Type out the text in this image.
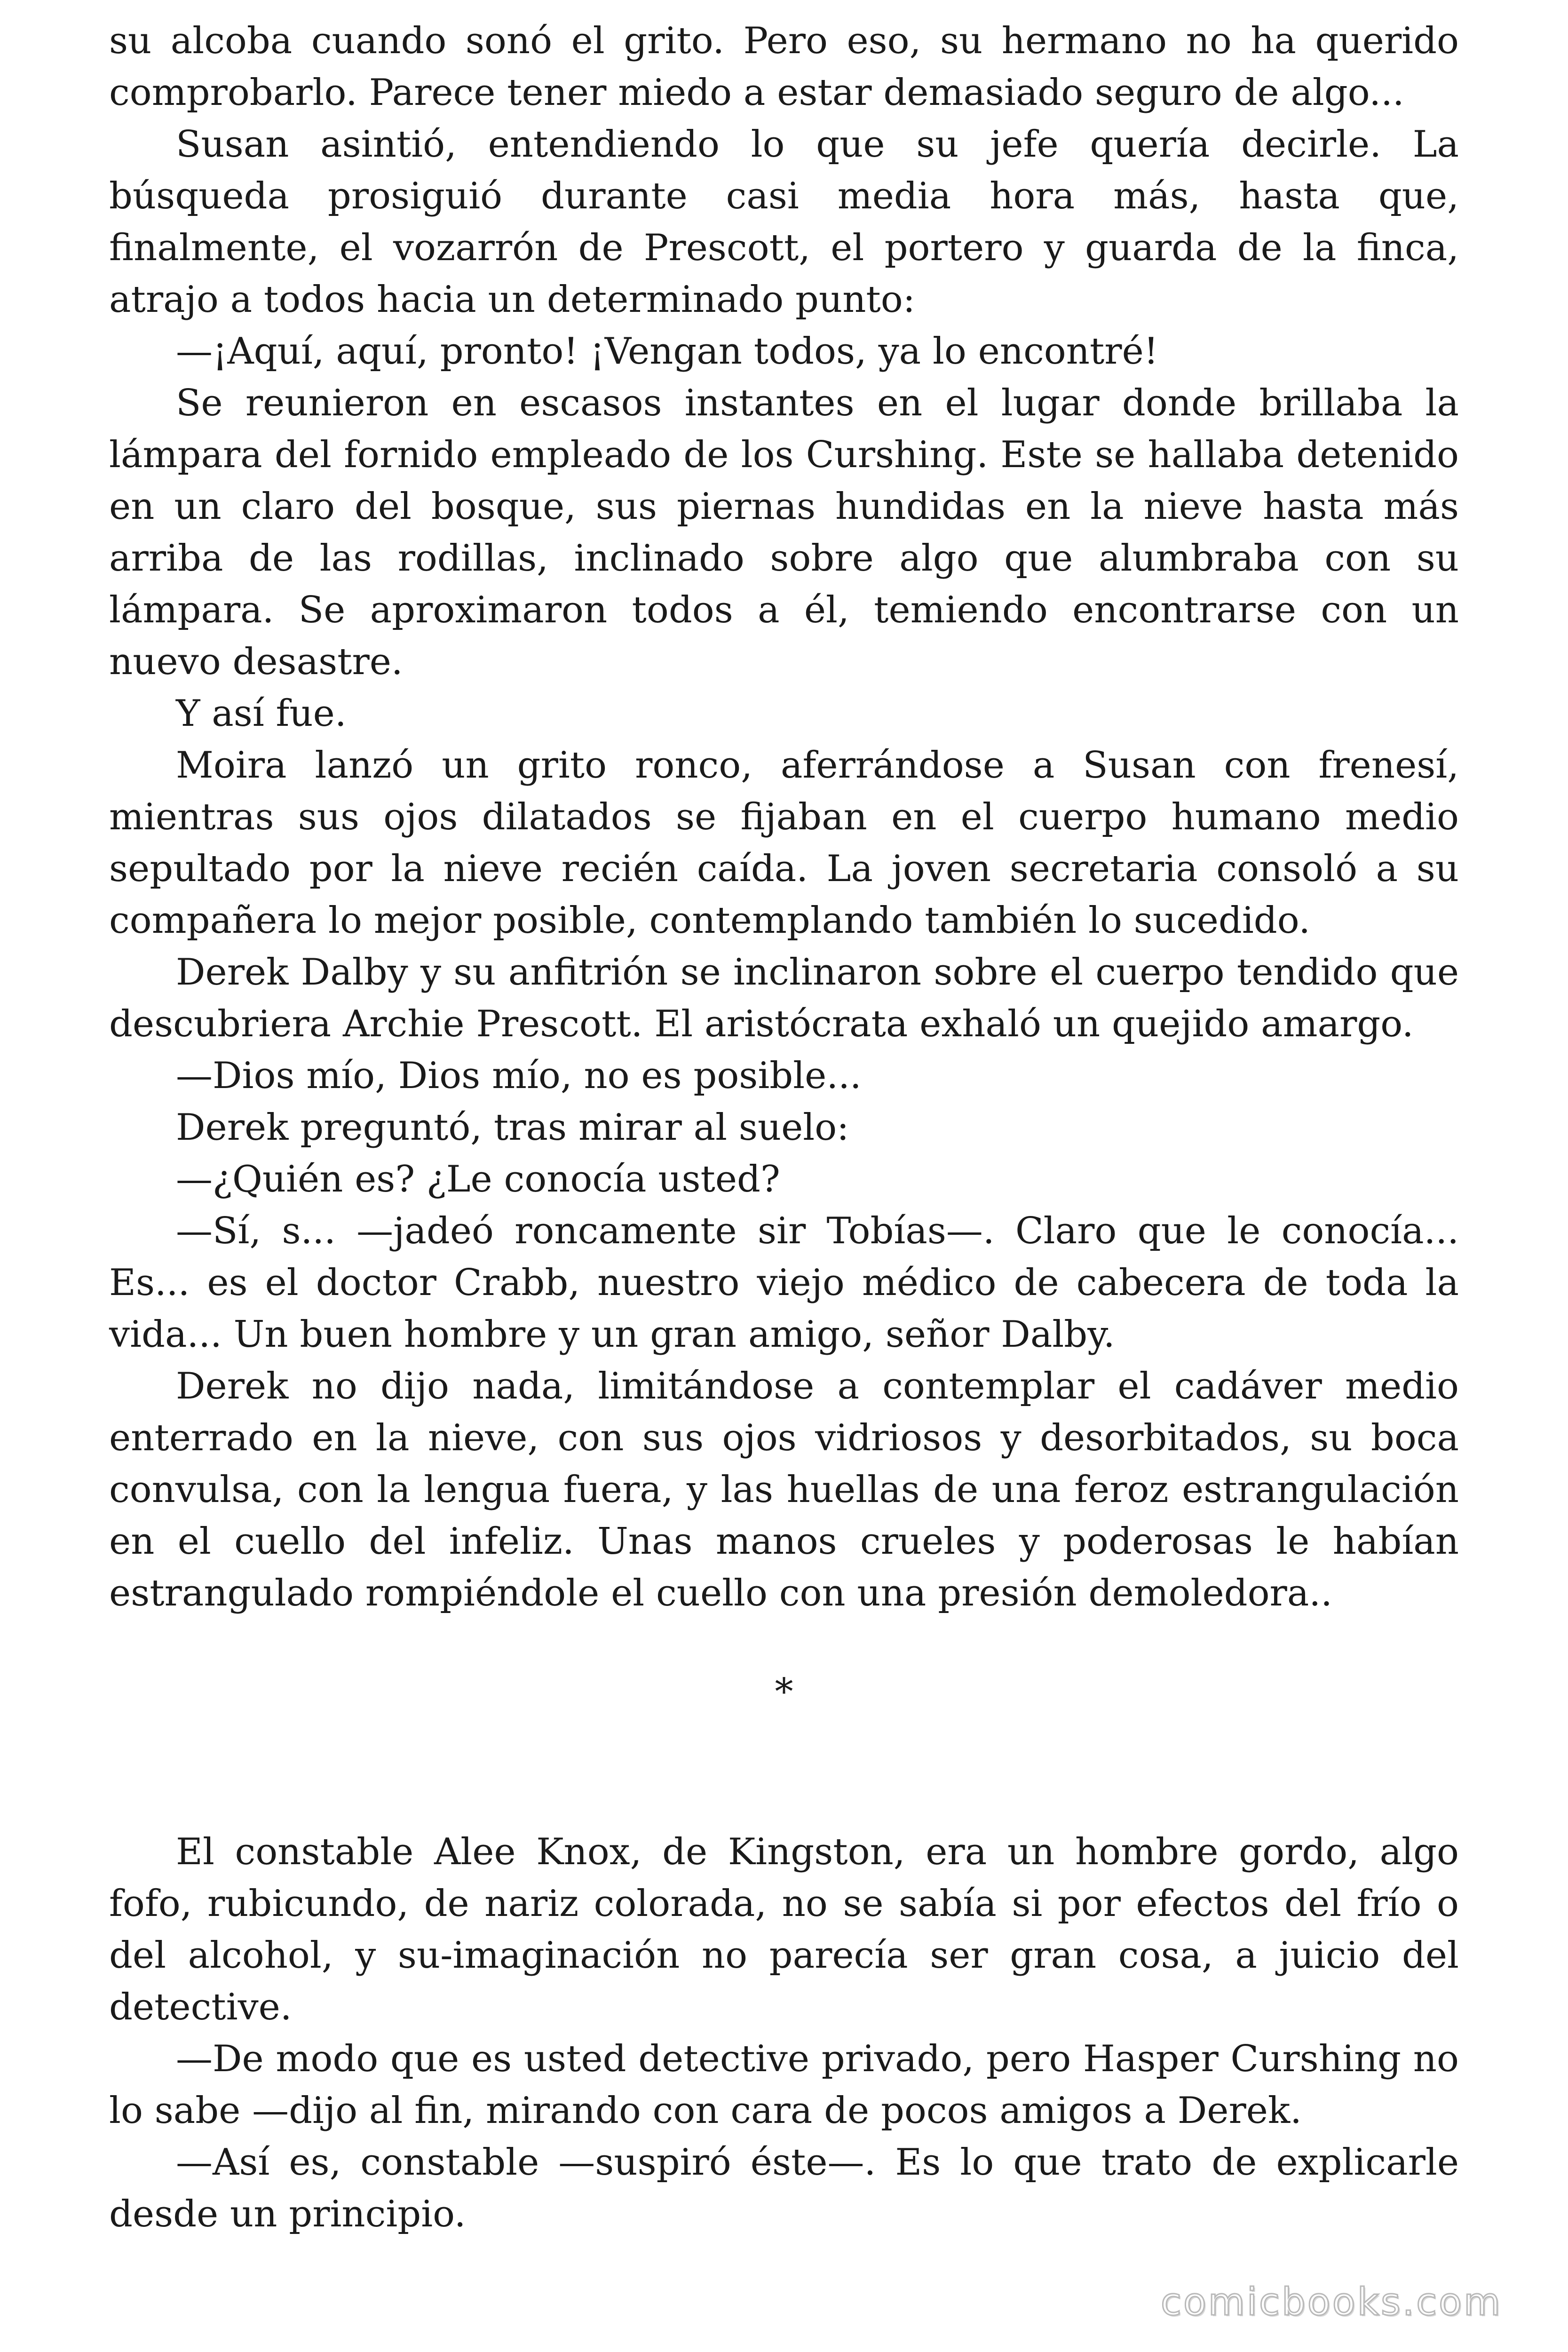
su alcoba cuando sonó el grito. Pero eso, su hermano no ha querido comprobarlo. Parece tener miedo a estar demasiado seguro de algo...

Susan asintió, entendiendo lo que su jefe quería decirle. La búsqueda prosiguió durante casi media hora más, hasta que, finalmente, el vozarrón de Prescott, el portero y guarda de la finca, atrajo a todos hacia un determinado punto:

—¡Aquí, aquí, pronto! ¡Vengan todos, ya lo encontré!

Se reunieron en escasos instantes en el lugar donde brillaba la lámpara del fornido empleado de los Curshing. Este se hallaba detenido en un claro del bosque, sus piernas hundidas en la nieve hasta más arriba de las rodillas, inclinado sobre algo que alumbraba con su lámpara. Se aproximaron todos a él, temiendo encontrarse con un nuevo desastre.

Y así fue.

Moira lanzó un grito ronco, aferrándose a Susan con frenesí, mientras sus ojos dilatados se fijaban en el cuerpo humano medio sepultado por la nieve recién caída. La joven secretaria consoló a su compañera lo mejor posible, contemplando también lo sucedido.

Derek Dalby y su anfitrión se inclinaron sobre el cuerpo tendido que descubriera Archie Prescott. El aristócrata exhaló un quejido amargo.

—Dios mío, Dios mío, no es posible...

Derek preguntó, tras mirar al suelo:

—¿Quién es? ¿Le conocía usted?

—Sí, s... —jadeó roncamente sir Tobías—. Claro que le conocía... Es... es el doctor Crabb, nuestro viejo médico de cabecera de toda la vida... Un buen hombre y un gran amigo, señor Dalby.

Derek no dijo nada, limitándose a contemplar el cadáver medio enterrado en la nieve, con sus ojos vidriosos y desorbitados, su boca convulsa, con la lengua fuera, y las huellas de una feroz estrangulación en el cuello del infeliz. Unas manos crueles y poderosas le habían estrangulado rompiéndole el cuello con una presión demoledora..

*

El constable Alee Knox, de Kingston, era un hombre gordo, algo fofo, rubicundo, de nariz colorada, no se sabía si por efectos del frío o del alcohol, y su-imaginación no parecía ser gran cosa, a juicio del detective.

—De modo que es usted detective privado, pero Hasper Curshing no lo sabe —dijo al fin, mirando con cara de pocos amigos a Derek.

—Así es, constable —suspiró éste—. Es lo que trato de explicarle desde un principio.

comicbooks.com
